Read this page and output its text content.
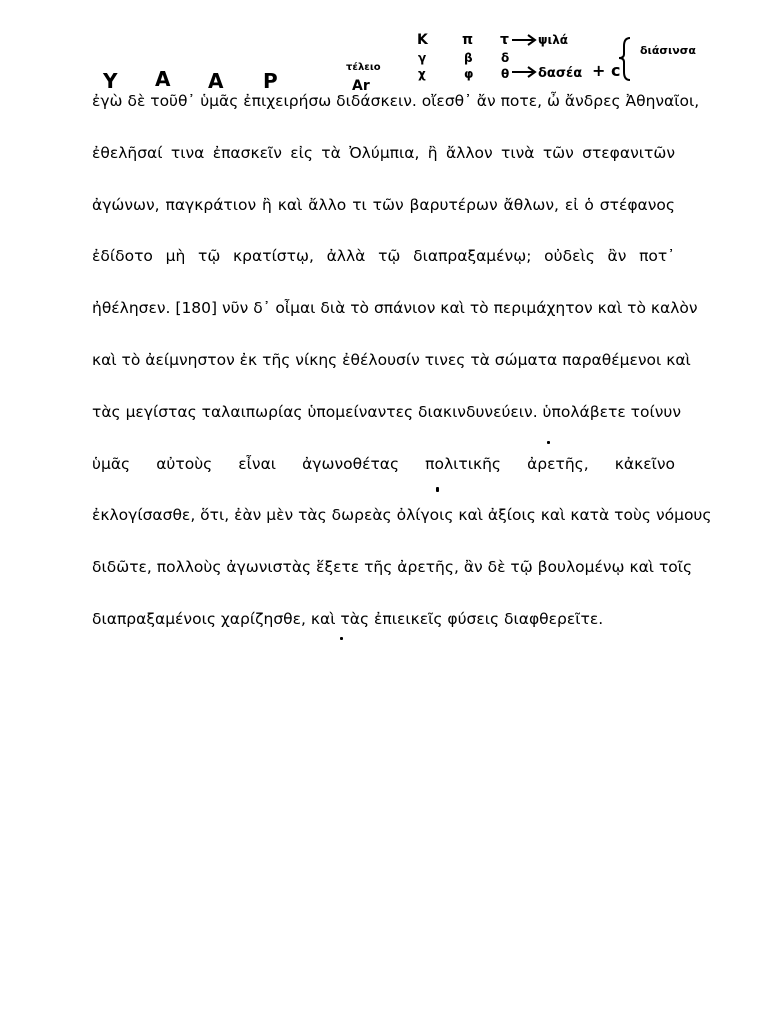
Y A A P
τέλειο
Ar
K
γ
χ
π
β
φ
τ
δ
θ
ψιλά
δασέα + c
διάσινσα
ἐγὼ δὲ τοῦθ᾽ ὑμᾶς ἐπιχειρήσω διδάσκειν. οἴεσθ᾽ ἄν ποτε, ὦ ἄνδρες Ἀθηναῖοι,
ἐθελῆσαί τινα ἐπασκεῖν εἰς τὰ Ὀλύμπια, ἢ ἄλλον τινὰ τῶν στεφανιτῶν
ἀγώνων, παγκράτιον ἢ καὶ ἄλλο τι τῶν βαρυτέρων ἄθλων, εἰ ὁ στέφανος
ἐδίδοτο μὴ τῷ κρατίστῳ, ἀλλὰ τῷ διαπραξαμένῳ; οὐδεὶς ἂν ποτ᾽
ἠθέλησεν. [180] νῦν δ᾽ οἶμαι διὰ τὸ σπάνιον καὶ τὸ περιμάχητον καὶ τὸ καλὸν
καὶ τὸ ἀείμνηστον ἐκ τῆς νίκης ἐθέλουσίν τινες τὰ σώματα παραθέμενοι καὶ
τὰς μεγίστας ταλαιπωρίας ὑπομείναντες διακινδυνεύειν. ὑπολάβετε τοίνυν
ὑμᾶς αὐτοὺς εἶναι ἀγωνοθέτας πολιτικῆς ἀρετῆς, κἀκεῖνο
ἐκλογίσασθε, ὅτι, ἐὰν μὲν τὰς δωρεὰς ὀλίγοις καὶ ἀξίοις καὶ κατὰ τοὺς νόμους
διδῶτε, πολλοὺς ἀγωνιστὰς ἕξετε τῆς ἀρετῆς, ἂν δὲ τῷ βουλομένῳ καὶ τοῖς
διαπραξαμένοις χαρίζησθε, καὶ τὰς ἐπιεικεῖς φύσεις διαφθερεῖτε.
